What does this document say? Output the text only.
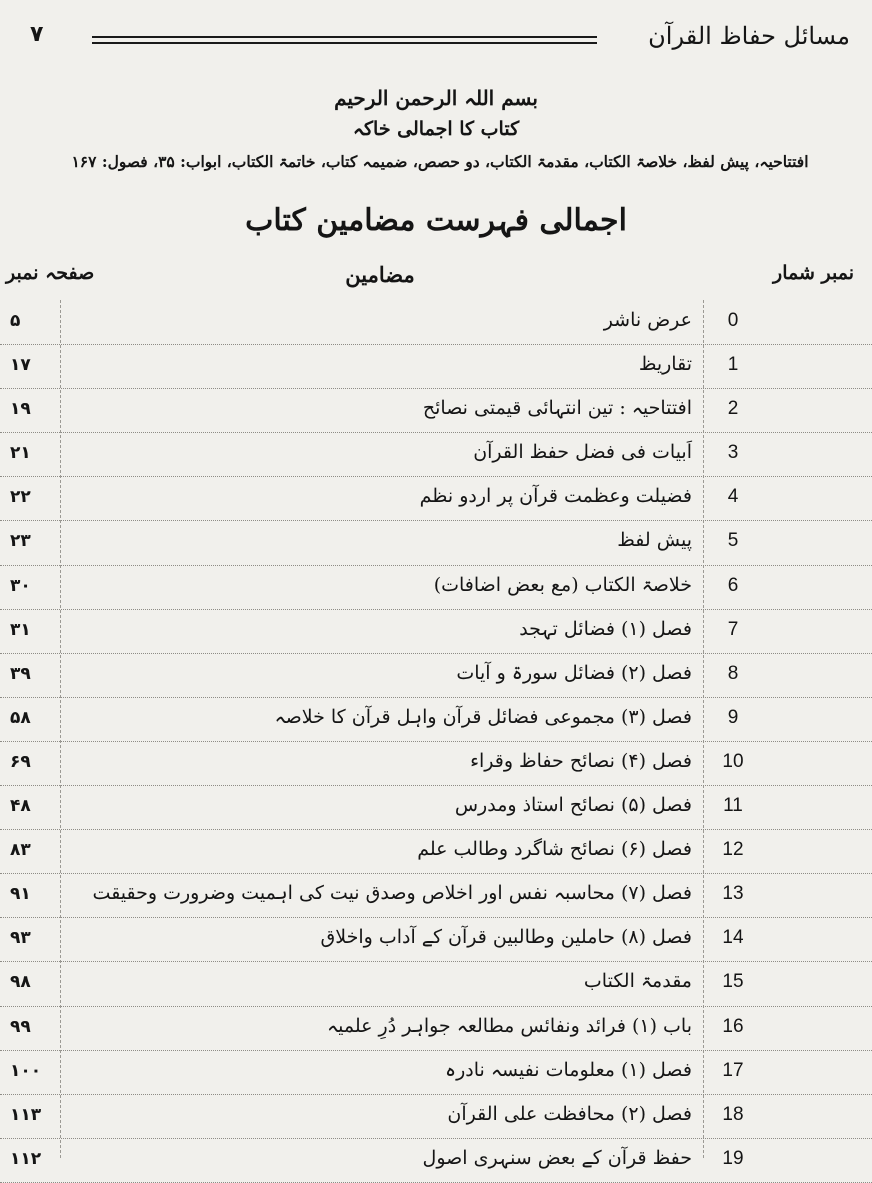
۷	مسائل حفاظ القرآن
بسم اللہ الرحمن الرحیم
کتاب کا اجمالی خاکہ
افتتاحیہ، پیش لفظ، خلاصۃ الکتاب، مقدمۃ الکتاب، دو حصص، ضمیمہ کتاب، خاتمۃ الکتاب، ابواب: ۳۵، فصول: ۱۶۷
اجمالی فہرست مضامین کتاب
صفحہ نمبر	مضامین	نمبر شمار
۵	عرض ناشر	0
۱۷	تقاریظ	1
۱۹	افتتاحیہ : تین انتہائی قیمتی نصائح	2
۲۱	اَبیات فی فضل حفظ القرآن	3
۲۲	فضیلت وعظمت قرآن پر اردو نظم	4
۲۳	پیش لفظ	5
۳۰	خلاصۃ الکتاب (مع بعض اضافات)	6
۳۱	فصل (۱) فضائل تہجد	7
۳۹	فصل (۲) فضائل سورۃ و آیات	8
۵۸	فصل (۳) مجموعی فضائل قرآن واہل قرآن کا خلاصہ	9
۶۹	فصل (۴) نصائح حفاظ وقراء	10
۴۸	فصل (۵) نصائح استاذ ومدرس	11
۸۳	فصل (۶) نصائح شاگرد وطالب علم	12
۹۱	فصل (۷) محاسبہ نفس اور اخلاص وصدق نیت کی اہمیت وضرورت وحقیقت	13
۹۳	فصل (۸) حاملین وطالبین قرآن کے آداب واخلاق	14
۹۸	مقدمۃ الکتاب	15
۹۹	باب (۱) فرائد ونفائس مطالعہ جواہر دُرِ علمیہ	16
۱۰۰	فصل (۱) معلومات نفیسہ نادرہ	17
۱۱۳	فصل (۲) محافظت علی القرآن	18
۱۱۲	حفظ قرآن کے بعض سنہری اصول	19
